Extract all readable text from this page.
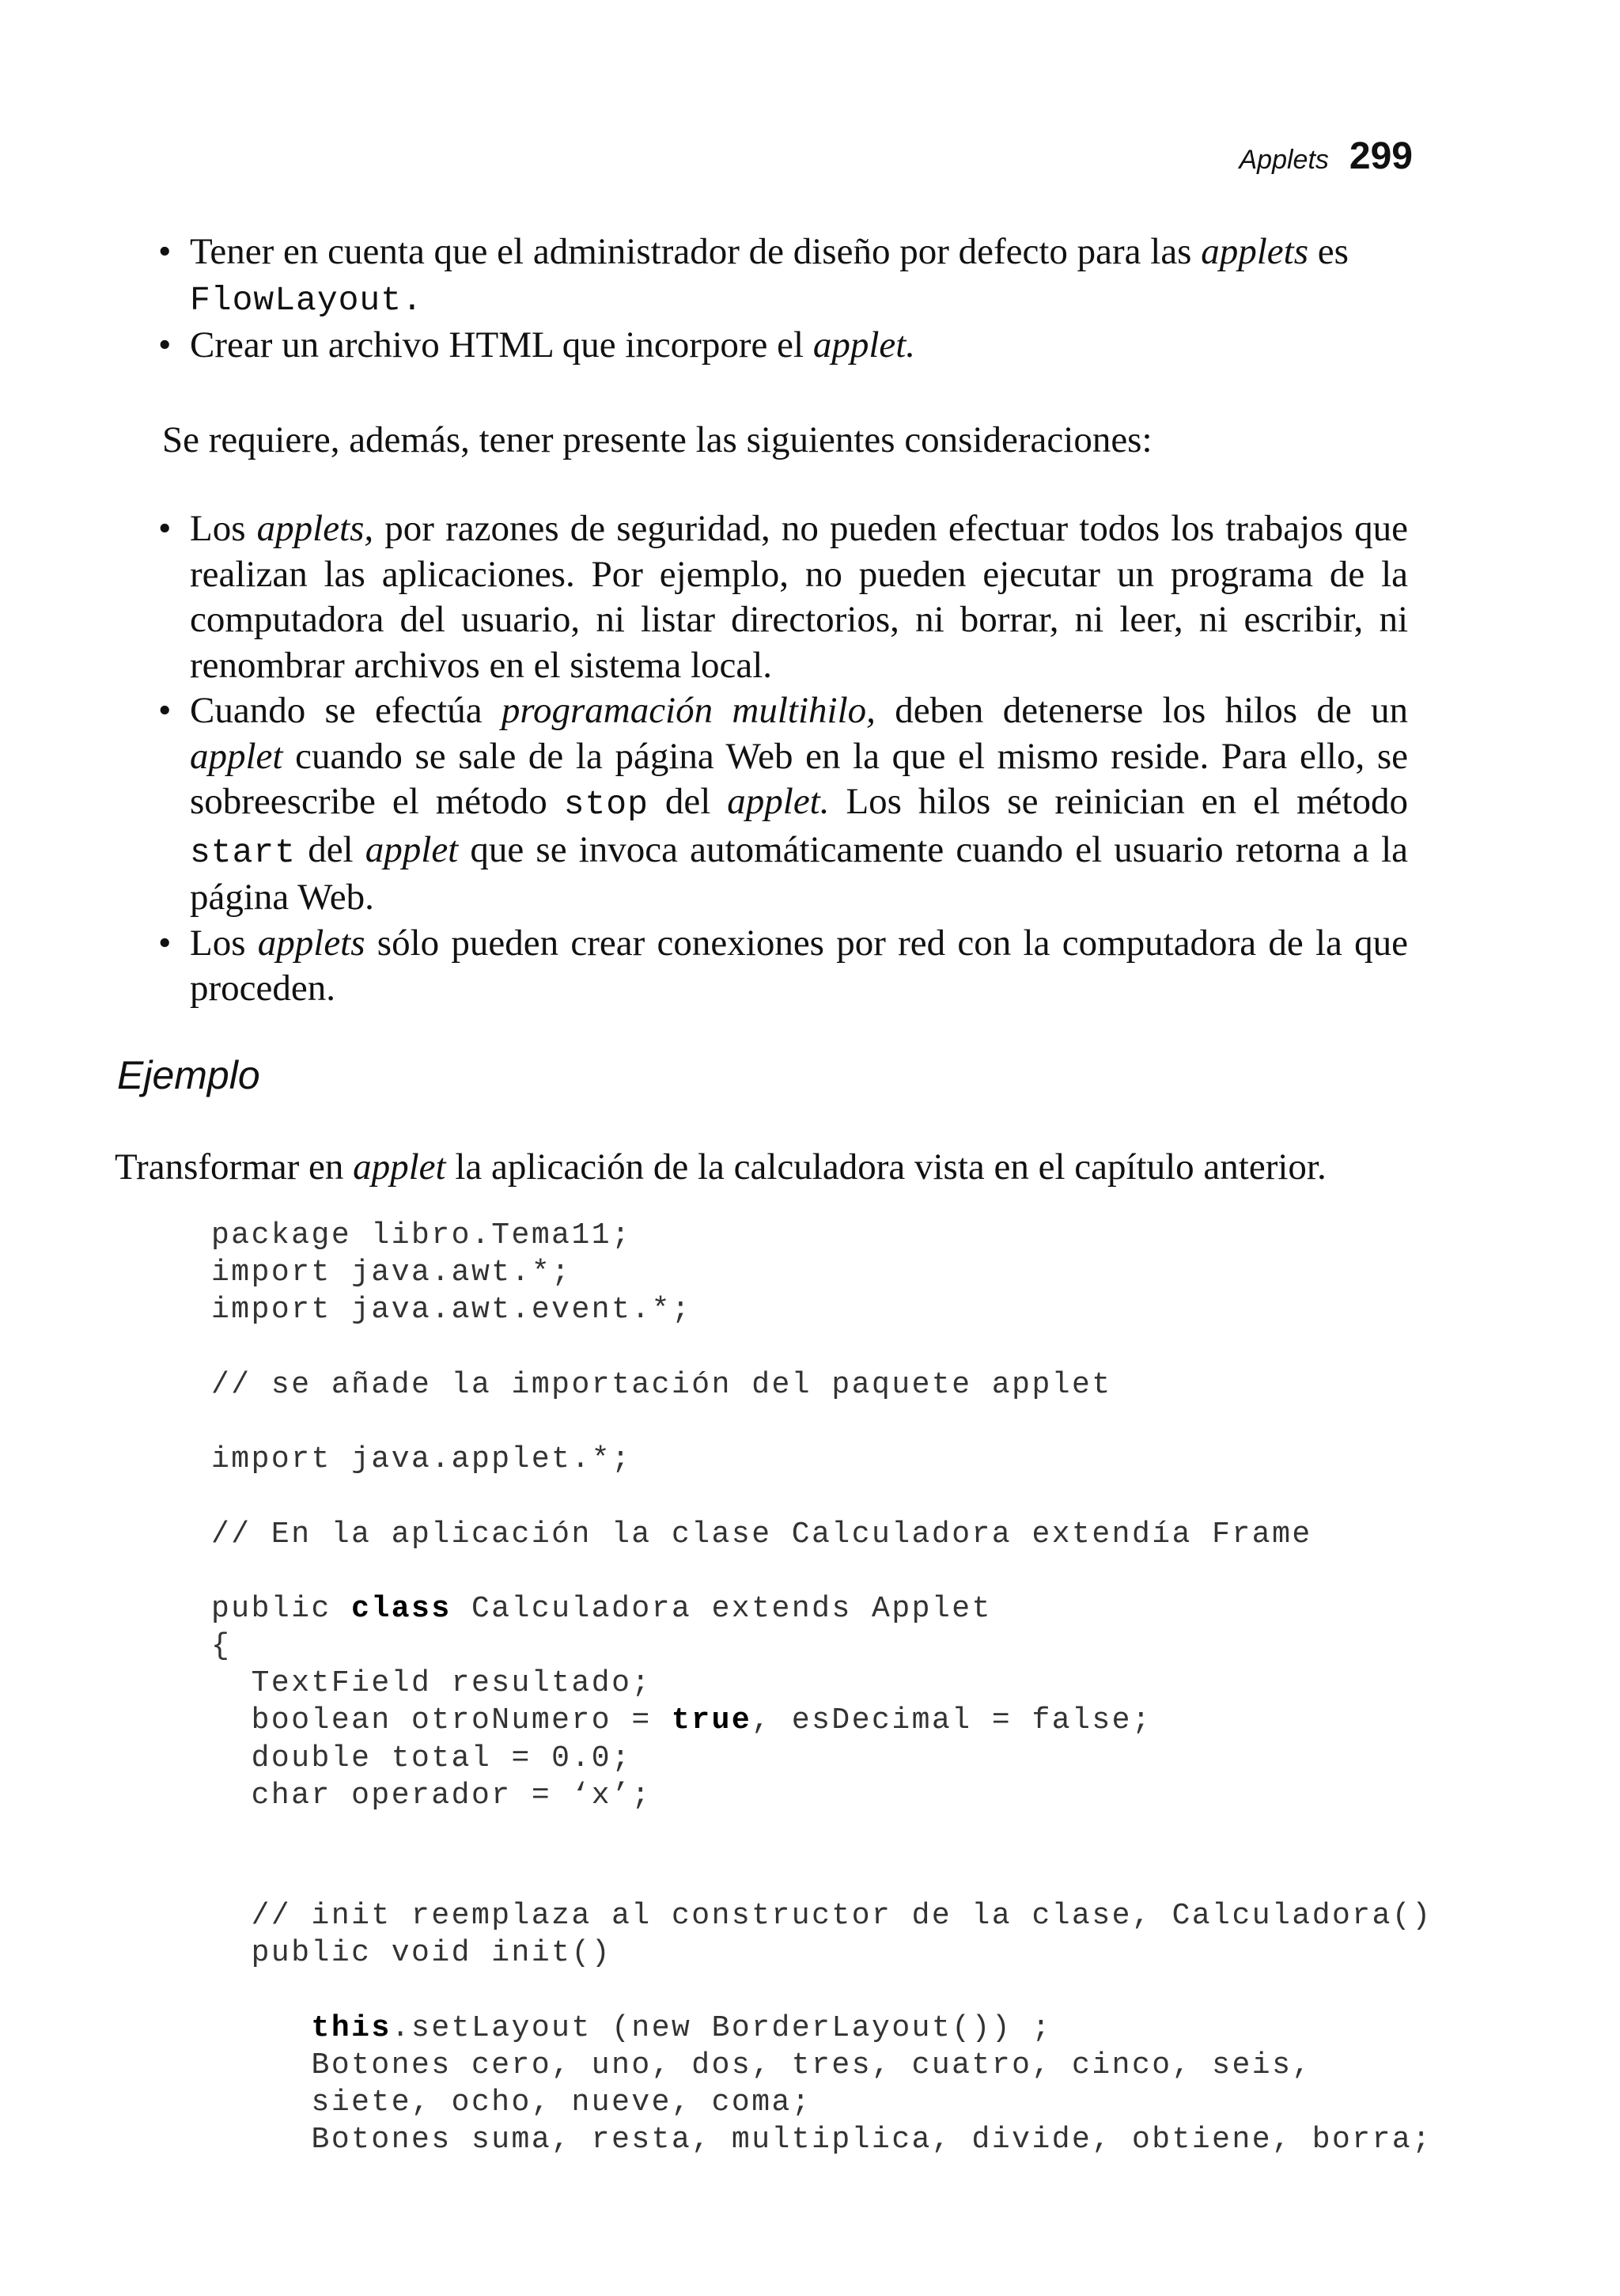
Applets 299
• Tener en cuenta que el administrador de diseño por defecto para las applets es
FlowLayout.
• Crear un archivo HTML que incorpore el applet.

Se requiere, además, tener presente las siguientes consideraciones:

• Los applets, por razones de seguridad, no pueden efectuar todos los trabajos que realizan las aplicaciones. Por ejemplo, no pueden ejecutar un programa de la computadora del usuario, ni listar directorios, ni borrar, ni leer, ni escribir, ni renombrar archivos en el sistema local.
• Cuando se efectúa programación multihilo, deben detenerse los hilos de un applet cuando se sale de la página Web en la que el mismo reside. Para ello, se sobreescribe el método stop del applet. Los hilos se reinician en el método start del applet que se invoca automáticamente cuando el usuario retorna a la página Web.
• Los applets sólo pueden crear conexiones por red con la computadora de la que proceden.
Ejemplo

Transformar en applet la aplicación de la calculadora vista en el capítulo anterior.

package libro.Tema11;
import java.awt.*;
import java.awt.event.*;
// se añade la importación del paquete applet
import java.applet.*;
// En la aplicación la clase Calculadora extendía Frame
public class Calculadora extends Applet
{
TextField resultado;
boolean otroNumero = true, esDecimal = false;
double total = 0.0;
char operador = ‘x’;
// init reemplaza al constructor de la clase, Calculadora()
public void init()
this.setLayout (new BorderLayout()) ;
Botones cero, uno, dos, tres, cuatro, cinco, seis,
siete, ocho, nueve, coma;
Botones suma, resta, multiplica, divide, obtiene, borra;
